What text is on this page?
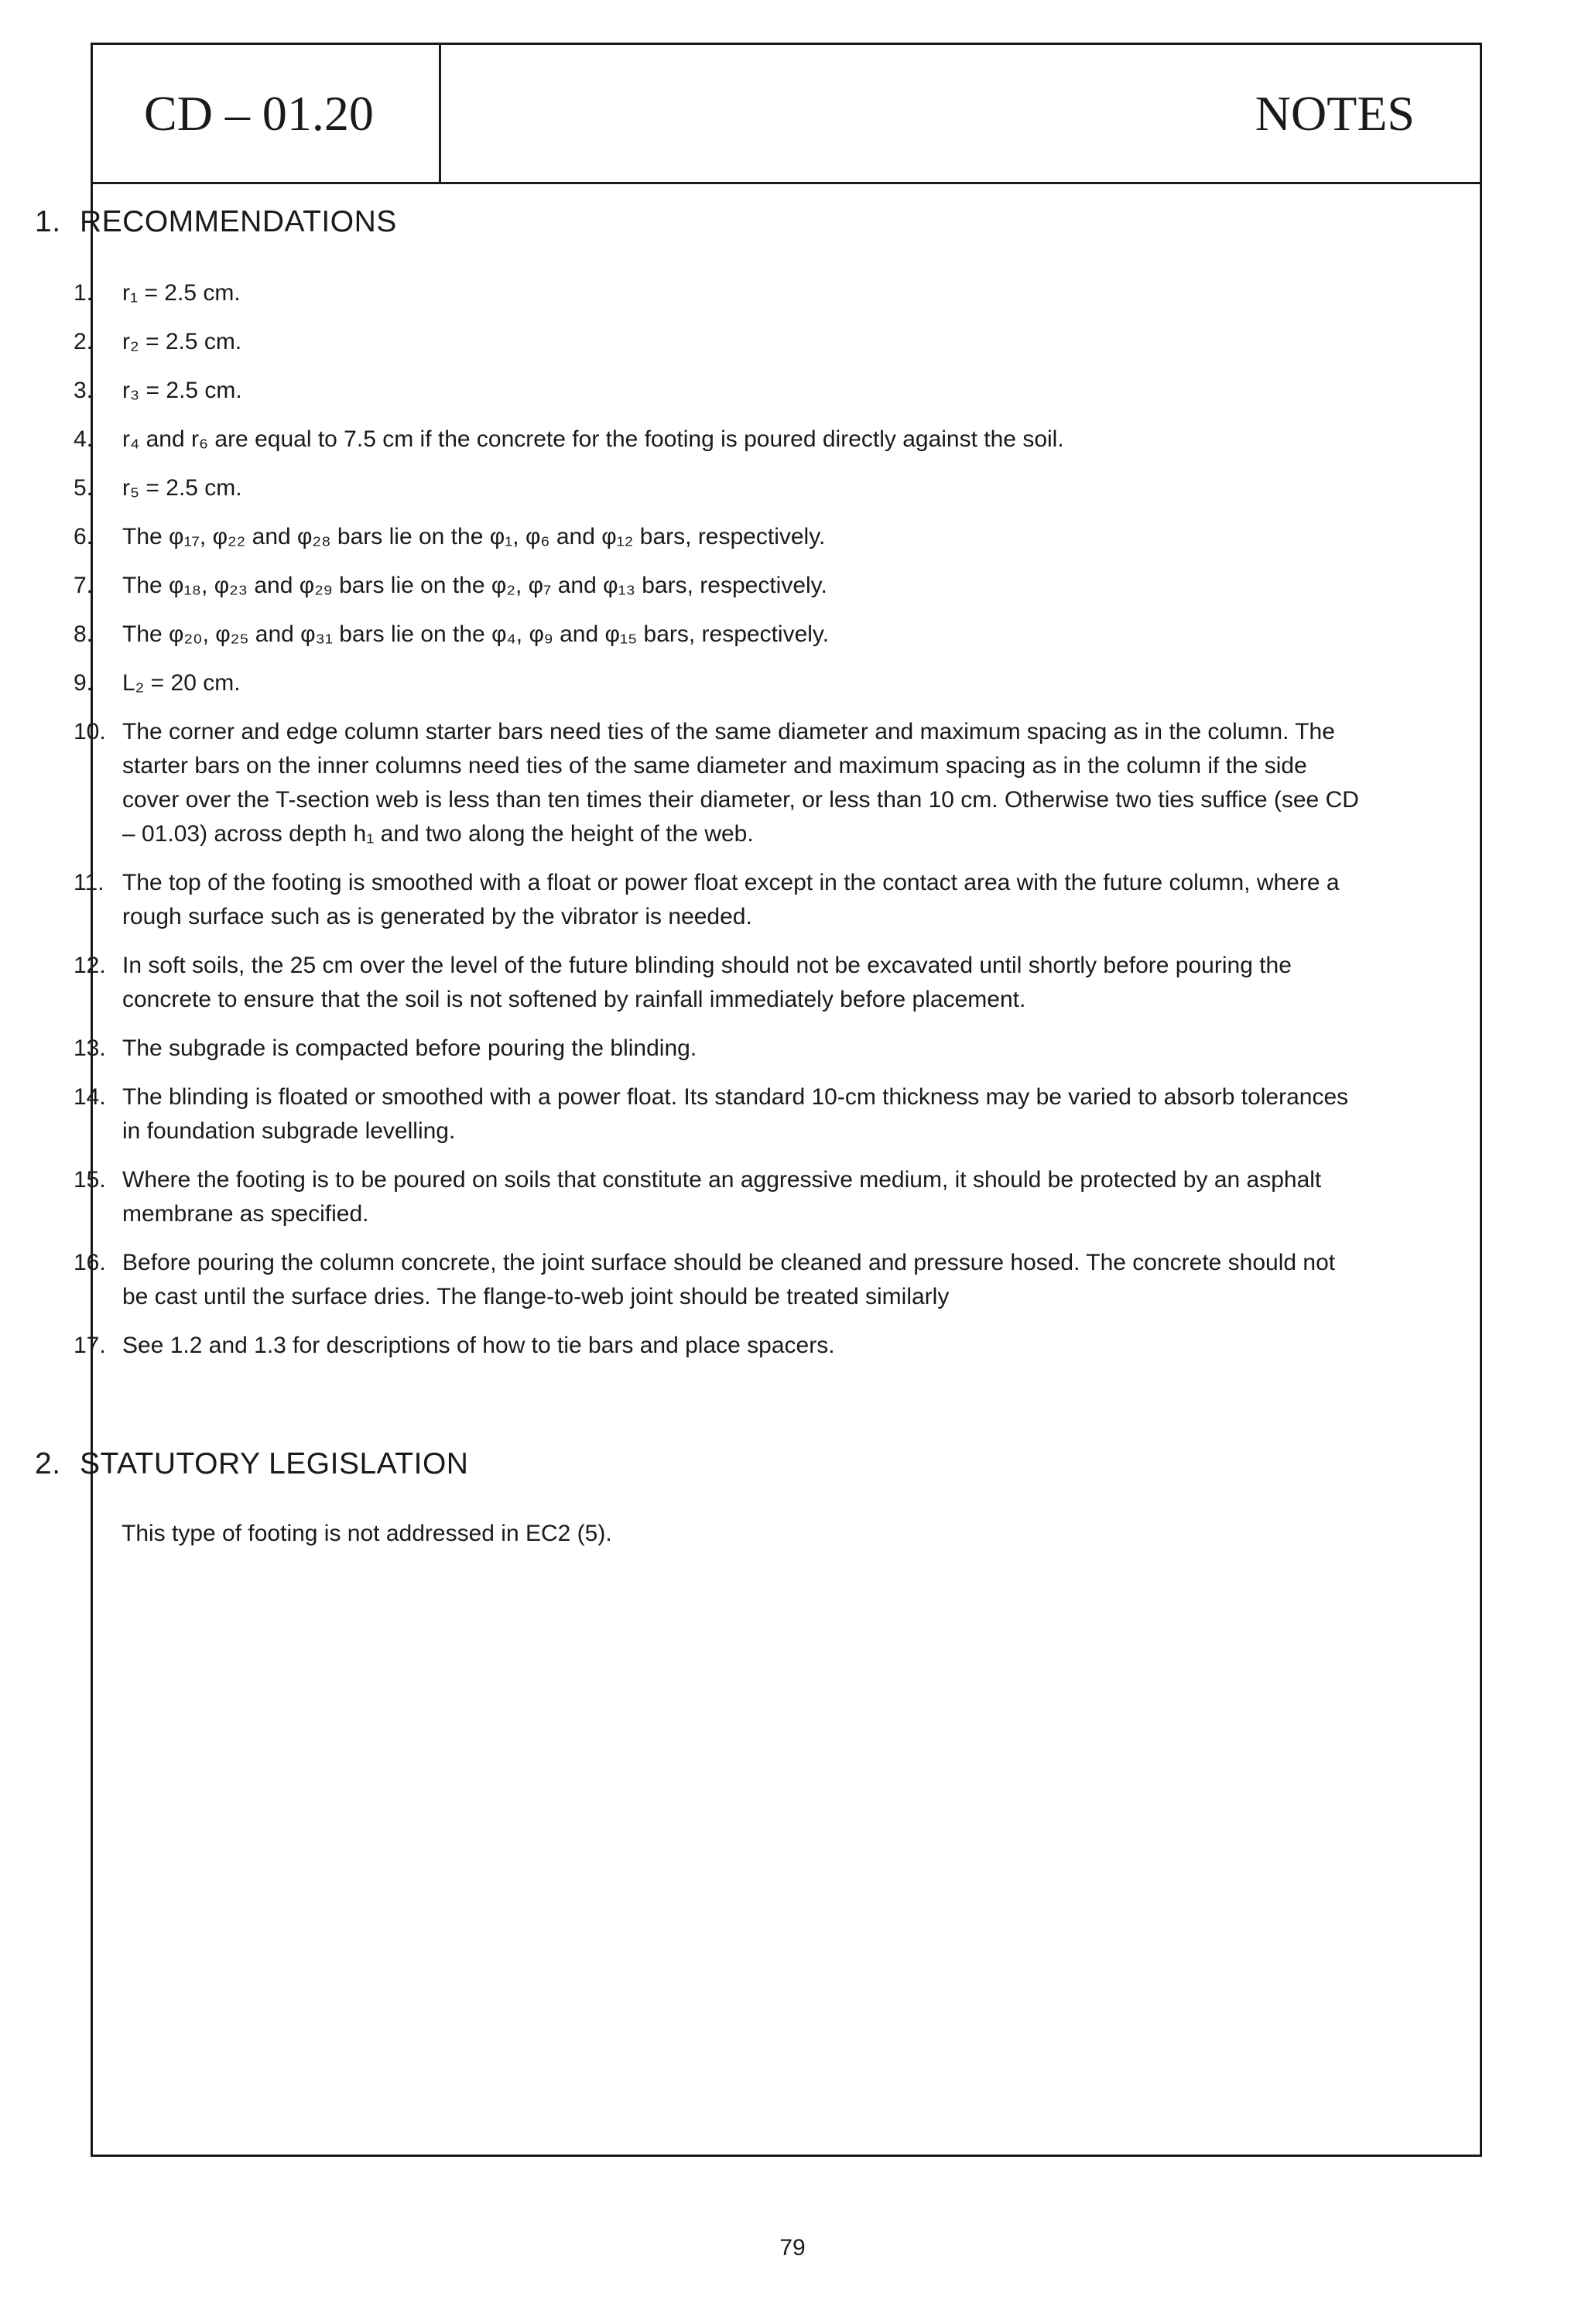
CD – 01.20	NOTES
1. RECOMMENDATIONS
1.	r₁ = 2.5 cm.
2.	r₂ = 2.5 cm.
3.	r₃ = 2.5 cm.
4.	r₄ and r₆ are equal to 7.5 cm if the concrete for the footing is poured directly against the soil.
5.	r₅ = 2.5 cm.
6.	The φ₁₇, φ₂₂ and φ₂₈ bars lie on the φ₁, φ₆ and φ₁₂ bars, respectively.
7.	The φ₁₈, φ₂₃ and φ₂₉ bars lie on the φ₂, φ₇ and φ₁₃ bars, respectively.
8.	The φ₂₀, φ₂₅ and φ₃₁ bars lie on the φ₄, φ₉ and φ₁₅ bars, respectively.
9.	L₂ = 20 cm.
10. The corner and edge column starter bars need ties of the same diameter and maximum spacing as in the column. The starter bars on the inner columns need ties of the same diameter and maximum spacing as in the column if the side cover over the T-section web is less than ten times their diameter, or less than 10 cm. Otherwise two ties suffice (see CD – 01.03) across depth h₁ and two along the height of the web.
11. The top of the footing is smoothed with a float or power float except in the contact area with the future column, where a rough surface such as is generated by the vibrator is needed.
12. In soft soils, the 25 cm over the level of the future blinding should not be excavated until shortly before pouring the concrete to ensure that the soil is not softened by rainfall immediately before placement.
13. The subgrade is compacted before pouring the blinding.
14. The blinding is floated or smoothed with a power float. Its standard 10-cm thickness may be varied to absorb tolerances in foundation subgrade levelling.
15. Where the footing is to be poured on soils that constitute an aggressive medium, it should be protected by an asphalt membrane as specified.
16. Before pouring the column concrete, the joint surface should be cleaned and pressure hosed. The concrete should not be cast until the surface dries. The flange-to-web joint should be treated similarly
17. See 1.2 and 1.3 for descriptions of how to tie bars and place spacers.
2. STATUTORY LEGISLATION
This type of footing is not addressed in EC2 (5).
79
